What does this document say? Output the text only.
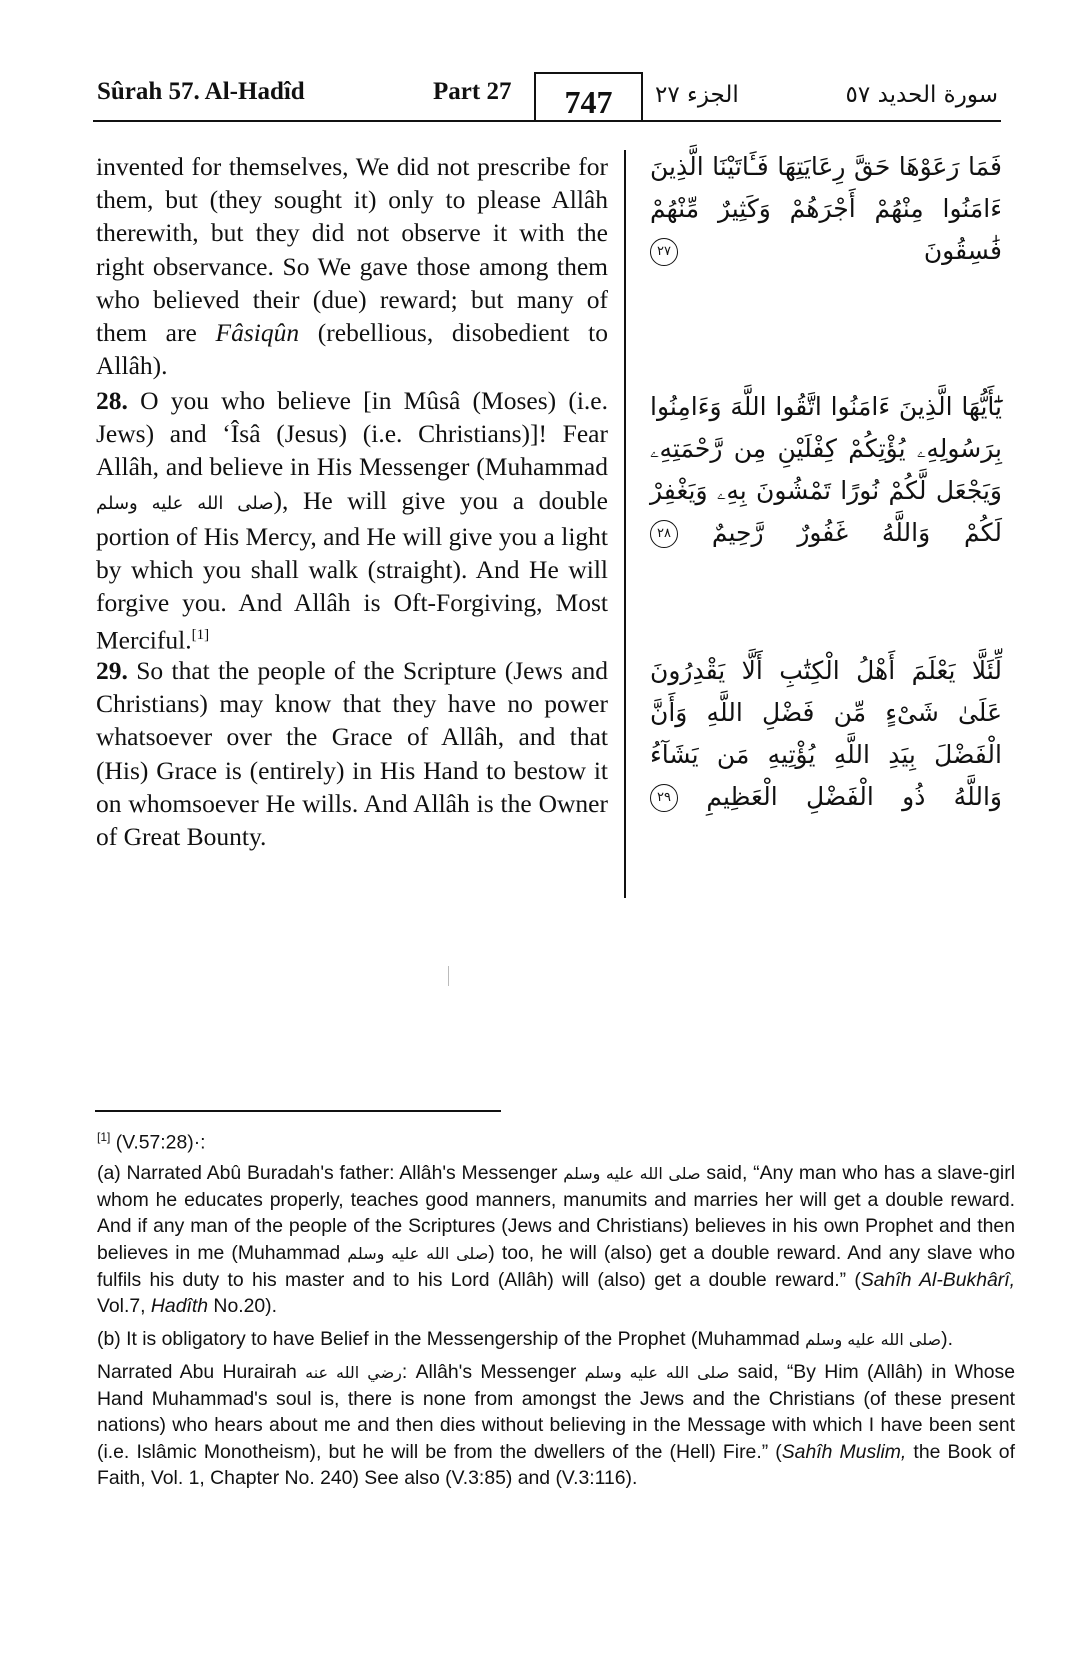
Sûrah 57. Al-Hadîd	Part 27	747	الجزء ٢٧	سورة الحديد ٥٧

invented for themselves, We did not prescribe for them, but (they sought it) only to please Allâh therewith, but they did not observe it with the right observance. So We gave those among them who believed their (due) reward; but many of them are Fâsiqûn (rebellious, disobedient to Allâh).

28. O you who believe [in Mûsâ (Moses) (i.e. Jews) and ‘Îsâ (Jesus) (i.e. Christians)]! Fear Allâh, and believe in His Messenger (Muhammad صلى الله عليه وسلم), He will give you a double portion of His Mercy, and He will give you a light by which you shall walk (straight). And He will forgive you. And Allâh is Oft-Forgiving, Most Merciful.[1]

29. So that the people of the Scripture (Jews and Christians) may know that they have no power whatsoever over the Grace of Allâh, and that (His) Grace is (entirely) in His Hand to bestow it on whomsoever He wills. And Allâh is the Owner of Great Bounty.

فَمَا رَعَوْهَا حَقَّ رِعَايَتِهَا فَـَٔاتَيْنَا الَّذِينَ ءَامَنُوا مِنْهُمْ أَجْرَهُمْ وَكَثِيرٌ مِّنْهُمْ فَٰسِقُونَ ٢٧
يَٰٓأَيُّهَا الَّذِينَ ءَامَنُوا اتَّقُوا اللَّهَ وَءَامِنُوا بِرَسُولِهِۦ يُؤْتِكُمْ كِفْلَيْنِ مِن رَّحْمَتِهِۦ وَيَجْعَل لَّكُمْ نُورًا تَمْشُونَ بِهِۦ وَيَغْفِرْ لَكُمْ وَاللَّهُ غَفُورٌ رَّحِيمٌ ٢٨
لِّئَلَّا يَعْلَمَ أَهْلُ الْكِتَٰبِ أَلَّا يَقْدِرُونَ عَلَىٰ شَىْءٍ مِّن فَضْلِ اللَّهِ وَأَنَّ الْفَضْلَ بِيَدِ اللَّهِ يُؤْتِيهِ مَن يَشَآءُ وَاللَّهُ ذُو الْفَضْلِ الْعَظِيمِ ٢٩

[1] (V.57:28)·:

(a) Narrated Abû Buradah's father: Allâh's Messenger صلى الله عليه وسلم said, “Any man who has a slave-girl whom he educates properly, teaches good manners, manumits and marries her will get a double reward. And if any man of the people of the Scriptures (Jews and Christians) believes in his own Prophet and then believes in me (Muhammad صلى الله عليه وسلم) too, he will (also) get a double reward. And any slave who fulfils his duty to his master and to his Lord (Allâh) will (also) get a double reward.” (Sahîh Al-Bukhârî, Vol.7, Hadîth No.20).

(b) It is obligatory to have Belief in the Messengership of the Prophet (Muhammad صلى الله عليه وسلم).

Narrated Abu Hurairah رضي الله عنه: Allâh's Messenger صلى الله عليه وسلم said, “By Him (Allâh) in Whose Hand Muhammad's soul is, there is none from amongst the Jews and the Christians (of these present nations) who hears about me and then dies without believing in the Message with which I have been sent (i.e. Islâmic Monotheism), but he will be from the dwellers of the (Hell) Fire.” (Sahîh Muslim, the Book of Faith, Vol. 1, Chapter No. 240) See also (V.3:85) and (V.3:116).
